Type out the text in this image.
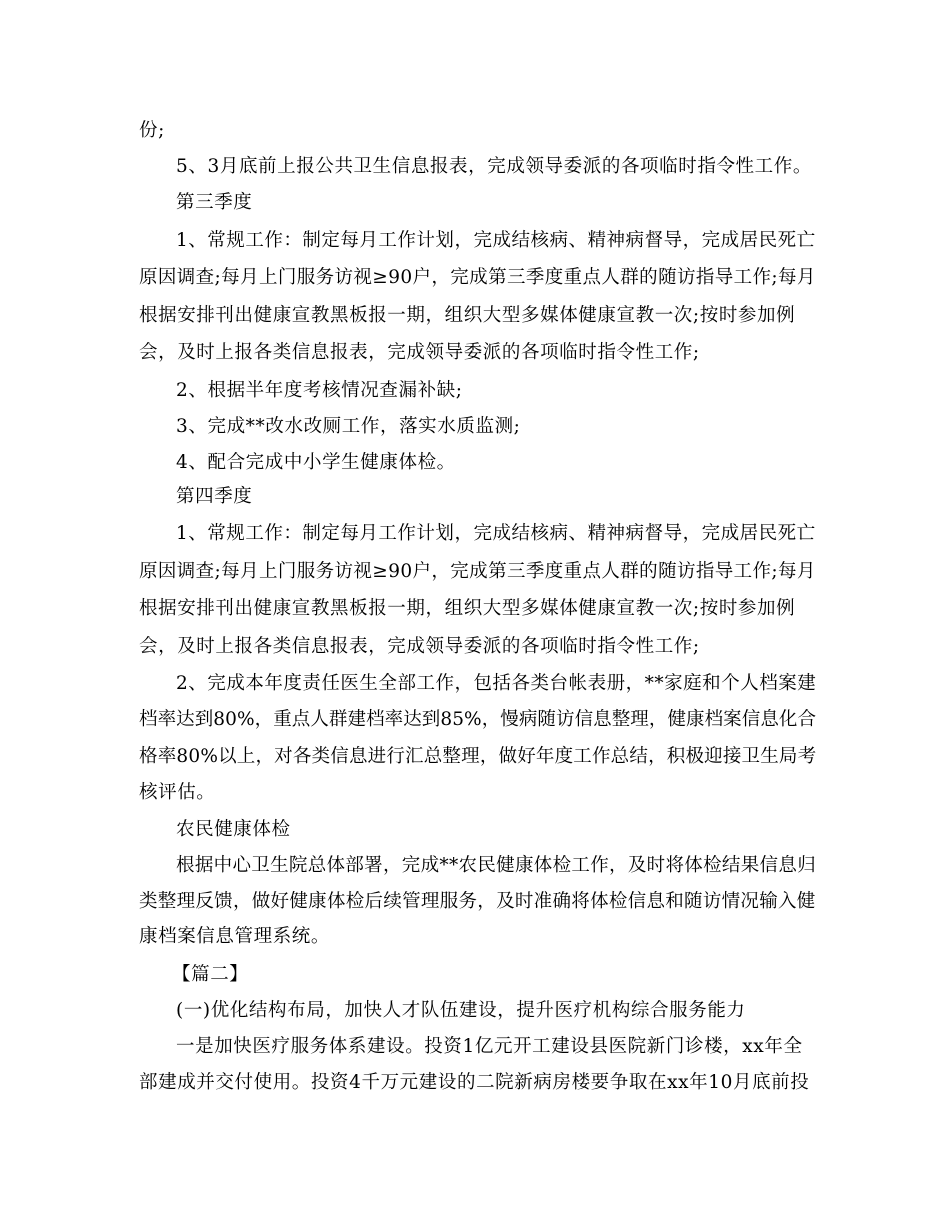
份;

5、3月底前上报公共卫生信息报表，完成领导委派的各项临时指令性工作。

第三季度

1、常规工作：制定每月工作计划，完成结核病、精神病督导，完成居民死亡

原因调查;每月上门服务访视≥90户，完成第三季度重点人群的随访指导工作;每月

根据安排刊出健康宣教黑板报一期，组织大型多媒体健康宣教一次;按时参加例

会，及时上报各类信息报表，完成领导委派的各项临时指令性工作;

2、根据半年度考核情况查漏补缺;

3、完成**改水改厕工作，落实水质监测;

4、配合完成中小学生健康体检。

第四季度

1、常规工作：制定每月工作计划，完成结核病、精神病督导，完成居民死亡

原因调查;每月上门服务访视≥90户，完成第三季度重点人群的随访指导工作;每月

根据安排刊出健康宣教黑板报一期，组织大型多媒体健康宣教一次;按时参加例

会，及时上报各类信息报表，完成领导委派的各项临时指令性工作;

2、完成本年度责任医生全部工作，包括各类台帐表册，**家庭和个人档案建

档率达到80%，重点人群建档率达到85%，慢病随访信息整理，健康档案信息化合

格率80%以上，对各类信息进行汇总整理，做好年度工作总结，积极迎接卫生局考

核评估。

农民健康体检

根据中心卫生院总体部署，完成**农民健康体检工作，及时将体检结果信息归

类整理反馈，做好健康体检后续管理服务，及时准确将体检信息和随访情况输入健

康档案信息管理系统。

【篇二】

(一)优化结构布局，加快人才队伍建设，提升医疗机构综合服务能力

一是加快医疗服务体系建设。投资1亿元开工建设县医院新门诊楼，xx年全

部建成并交付使用。投资4千万元建设的二院新病房楼要争取在xx年10月底前投
